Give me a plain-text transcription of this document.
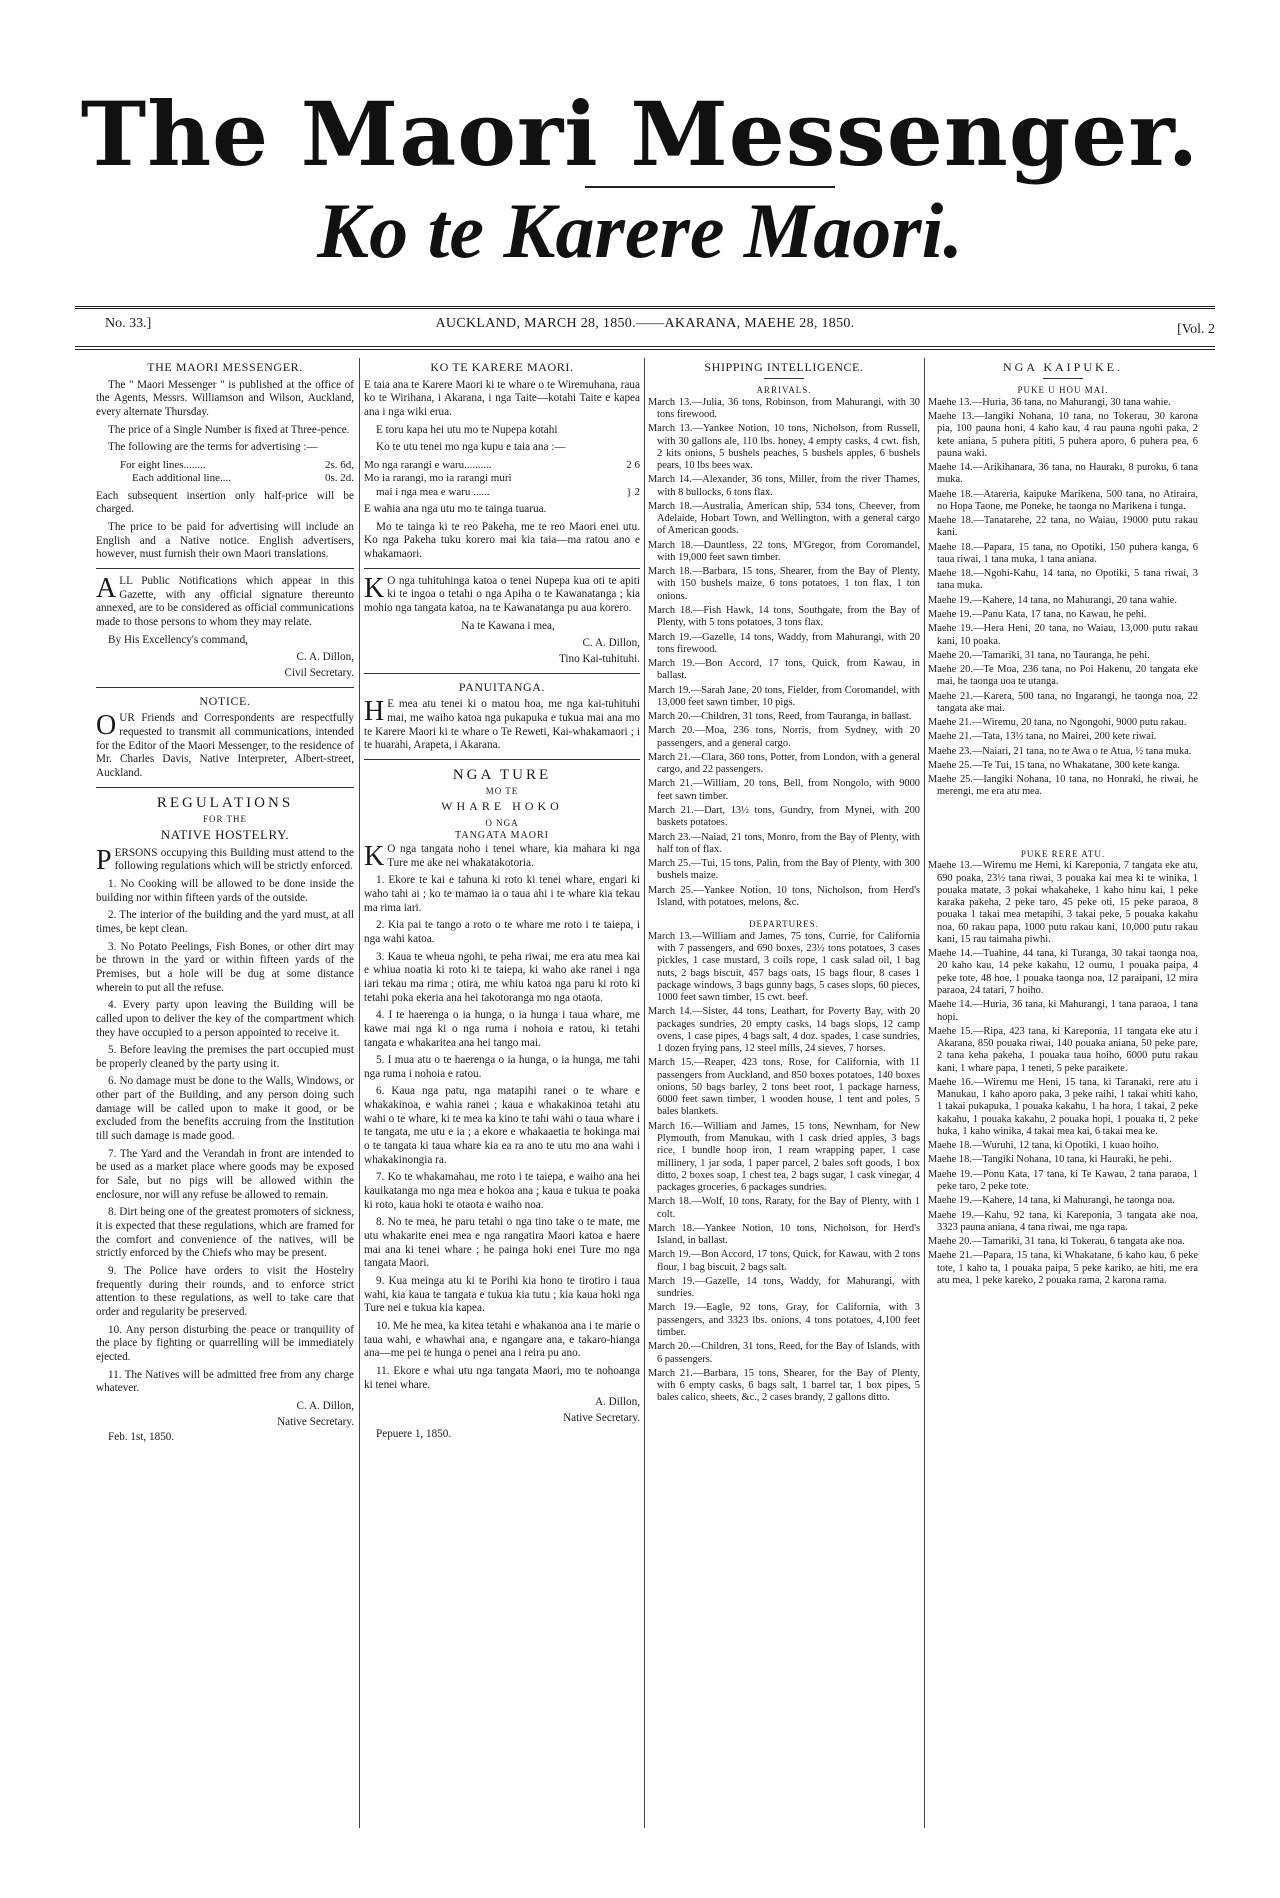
The Maori Messenger.
Ko te Karere Maori.
No. 33.]	AUCKLAND, MARCH 28, 1850.——AKARANA, MAEHE 28, 1850.	[Vol. 2
THE MAORI MESSENGER.

The " Maori Messenger " is published at the office of the Agents, Messrs. Williamson and Wilson, Auckland, every alternate Thursday.

The price of a Single Number is fixed at Three-pence.

The following are the terms for advertising :—

For eight lines........	2s. 6d,
Each additional line....	0s. 2d.

Each subsequent insertion only half-price will be charged.

The price to be paid for advertising will include an English and a Native notice. English advertisers, however, must furnish their own Maori translations.

ALL Public Notifications which appear in this Gazette, with any official signature thereunto annexed, are to be considered as official communications made to those persons to whom they may relate.

By His Excellency's command,

C. A. Dillon,
Civil Secretary.
NOTICE.

OUR Friends and Correspondents are respectfully requested to transmit all communications, intended for the Editor of the Maori Messenger, to the residence of Mr. Charles Davis, Native Interpreter, Albert-street, Auckland.

REGULATIONS
FOR THE
NATIVE HOSTELRY.

PERSONS occupying this Building must attend to the following regulations which will be strictly enforced.

1. No Cooking will be allowed to be done inside the building nor within fifteen yards of the outside.

2. The interior of the building and the yard must, at all times, be kept clean.

3. No Potato Peelings, Fish Bones, or other dirt may be thrown in the yard or within fifteen yards of the Premises, but a hole will be dug at some distance wherein to put all the refuse.

4. Every party upon leaving the Building will be called upon to deliver the key of the compartment which they have occupied to a person appointed to receive it.

5. Before leaving the premises the part occupied must be properly cleaned by the party using it.

6. No damage must be done to the Walls, Windows, or other part of the Building, and any person doing such damage will be called upon to make it good, or be excluded from the benefits accruing from the Institution till such damage is made good.

7. The Yard and the Verandah in front are intended to be used as a market place where goods may be exposed for Sale, but no pigs will be allowed within the enclosure, nor will any refuse be allowed to remain.

8. Dirt being one of the greatest promoters of sickness, it is expected that these regulations, which are framed for the comfort and convenience of the natives, will be strictly enforced by the Chiefs who may be present.

9. The Police have orders to visit the Hostelry frequently during their rounds, and to enforce strict attention to these regulations, as well to take care that order and regularity be preserved.

10. Any person disturbing the peace or tranquility of the place by fighting or quarrelling will be immediately ejected.

11. The Natives will be admitted free from any charge whatever.

C. A. Dillon,
Native Secretary.

Feb. 1st, 1850.

KO TE KARERE MAORI.

E taia ana te Karere Maori ki te whare o te Wiremuhana, raua ko te Wirihana, i Akarana, i nga Taite—kotahi Taite e kapea ana i nga wiki erua.

E toru kapa hei utu mo te Nupepa kotahi

Ko te utu tenei mo nga kupu e taia ana :—

Mo nga rarangi e waru..........	2 6
Mo ia rarangi, mo ia rarangi muri	
mai i nga mea e waru ......	} 2

E wahia ana nga utu mo te tainga tuarua.

Mo te tainga ki te reo Pakeha, me te reo Maori enei utu. Ko nga Pakeha tuku korero mai kia taia—ma ratou ano e whakamaori.

KO nga tuhituhinga katoa o tenei Nupepa kua oti te apiti ki te ingoa o tetahi o nga Apiha o te Kawanatanga ; kia mohio nga tangata katoa, na te Kawanatanga pu aua korero.

Na te Kawana i mea,

C. A. Dillon,
Tino Kai-tuhituhi.
PANUITANGA.

HE mea atu tenei ki o matou hoa, me nga kai-tuhituhi mai, me waiho katoa nga pukapuka e tukua mai ana mo te Karere Maori ki te whare o Te Reweti, Kai-whakamaori ; i te huarahi, Arapeta, i Akarana.

NGA TURE
MO TE
WHARE HOKO
O NGA
TANGATA MAORI

KO nga tangata noho i tenei whare, kia mahara ki nga Ture me ake nei whakatakotoria.

1. Ekore te kai e tahuna ki roto ki tenei whare, engari ki waho tahi ai ; ko te mamao ia o taua ahi i te whare kia tekau ma rima iari.

2. Kia pai te tango a roto o te whare me roto i te taiepa, i nga wahi katoa.

3. Kaua te wheua ngohi, te peha riwai, me era atu mea kai e whiua noatia ki roto ki te taiepa, ki waho ake ranei i nga iari tekau ma rima ; otira, me whiu katoa nga paru ki roto ki tetahi poka ekeria ana hei takotoranga mo nga otaota.

4. I te haerenga o ia hunga, o ia hunga i taua whare, me kawe mai nga ki o nga ruma i nohoia e ratou, ki tetahi tangata e whakaritea ana hei tango mai.

5. I mua atu o te haerenga o ia hunga, o ia hunga, me tahi nga ruma i nohoia e ratou.

6. Kaua nga patu, nga matapihi ranei o te whare e whakakinoa, e wahia ranei ; kaua e whakakinoa tetahi atu wahi o te whare, ki te mea ka kino te tahi wahi o taua whare i te tangata, me utu e ia ; a ekore e whakaaetia te hokinga mai o te tangata ki taua whare kia ea ra ano te utu mo ana wahi i whakakinongia ra.

7. Ko te whakamahau, me roto i te taiepa, e waiho ana hei kauikatanga mo nga mea e hokoa ana ; kaua e tukua te poaka ki roto, kaua hoki te otaota e waiho noa.

8. No te mea, he paru tetahi o nga tino take o te mate, me utu whakarite enei mea e nga rangatira Maori katoa e haere mai ana ki tenei whare ; he painga hoki enei Ture mo nga tangata Maori.

9. Kua meinga atu ki te Porihi kia hono te tirotiro i taua wahi, kia kaua te tangata e tukua kia tutu ; kia kaua hoki nga Ture nei e tukua kia kapea.

10. Me he mea, ka kitea tetahi e whakanoa ana i te marie o taua wahi, e whawhai ana, e ngangare ana, e takaro-hianga ana—me pei te hunga o penei ana i reira pu ano.

11. Ekore e whai utu nga tangata Maori, mo te nohoanga ki tenei whare.

A. Dillon,
Native Secretary.

Pepuere 1, 1850.

SHIPPING INTELLIGENCE.
ARRIVALS.
March 13.—Julia, 36 tons, Robinson, from Mahurangi, with 30 tons firewood.
March 13.—Yankee Notion, 10 tons, Nicholson, from Russell, with 30 gallons ale, 110 lbs. honey, 4 empty casks, 4 cwt. fish, 2 kits onions, 5 bushels peaches, 5 bushels apples, 6 bushels pears, 10 lbs bees wax.
March 14.—Alexander, 36 tons, Miller, from the river Thames, with 8 bullocks, 6 tons flax.
March 18.—Australia, American ship, 534 tons, Cheever, from Adelaide, Hobart Town, and Wellington, with a general cargo of American goods.
March 18.—Dauntless, 22 tons, M'Gregor, from Coromandel, with 19,000 feet sawn timber.
March 18.—Barbara, 15 tons, Shearer, from the Bay of Plenty, with 150 bushels maize, 6 tons potatoes, 1 ton flax, 1 ton onions.
March 18.—Fish Hawk, 14 tons, Southgate, from the Bay of Plenty, with 5 tons potatoes, 3 tons flax.
March 19.—Gazelle, 14 tons, Waddy, from Mahurangi, with 20 tons firewood.
March 19.—Bon Accord, 17 tons, Quick, from Kawau, in ballast.
March 19.—Sarah Jane, 20 tons, Fielder, from Coromandel, with 13,000 feet sawn timber, 10 pigs.
March 20.—Children, 31 tons, Reed, from Tauranga, in ballast.
March 20.—Moa, 236 tons, Norris, from Sydney, with 20 passengers, and a general cargo.
March 21.—Clara, 360 tons, Potter, from London, with a general cargo, and 22 passengers.
March 21.—William, 20 tons, Bell, from Nongolo, with 9000 feet sawn timber.
March 21.—Dart, 13½ tons, Gundry, from Mynei, with 200 baskets potatoes.
March 23.—Naiad, 21 tons, Monro, from the Bay of Plenty, with half ton of flax.
March 25.—Tui, 15 tons, Palin, from the Bay of Plenty, with 300 bushels maize.
March 25.—Yankee Notion, 10 tons, Nicholson, from Herd's Island, with potatoes, melons, &c.
DEPARTURES.
March 13.—William and James, 75 tons, Currie, for California with 7 passengers, and 690 boxes, 23½ tons potatoes, 3 cases pickles, 1 case mustard, 3 coils rope, 1 cask salad oil, 1 bag nuts, 2 bags biscuit, 457 bags oats, 15 bags flour, 8 cases 1 package windows, 3 bags gunny bags, 5 cases slops, 60 pieces, 1000 feet sawn timber, 15 cwt. beef.
March 14.—Sister, 44 tons, Leathart, for Poverty Bay, with 20 packages sundries, 20 empty casks, 14 bags slops, 12 camp ovens, 1 case pipes, 4 bags salt, 4 doz. spades, 1 case sundries, 1 dozen frying pans, 12 steel mills, 24 sieves, 7 horses.
March 15.—Reaper, 423 tons, Rose, for California, with 11 passengers from Auckland, and 850 boxes potatoes, 140 boxes onions, 50 bags barley, 2 tons beet root, 1 package harness, 6000 feet sawn timber, 1 wooden house, 1 tent and poles, 5 bales blankets.
March 16.—William and James, 15 tons, Newnham, for New Plymouth, from Manukau, with 1 cask dried apples, 3 bags rice, 1 bundle hoop iron, 1 ream wrapping paper, 1 case millinery, 1 jar soda, 1 paper parcel, 2 bales soft goods, 1 box ditto, 2 boxes soap, 1 chest tea, 2 bags sugar, 1 cask vinegar, 4 packages groceries, 6 packages sundries.
March 18.—Wolf, 10 tons, Raraty, for the Bay of Plenty, with 1 colt.
March 18.—Yankee Notion, 10 tons, Nicholson, for Herd's Island, in ballast.
March 19.—Bon Accord, 17 tons, Quick, for Kawau, with 2 tons flour, 1 bag biscuit, 2 bags salt.
March 19.—Gazelle, 14 tons, Waddy, for Mahurangi, with sundries.
March 19.—Eagle, 92 tons, Gray, for California, with 3 passengers, and 3323 lbs. onions, 4 tons potatoes, 4,100 feet timber.
March 20.—Children, 31 tons, Reed, for the Bay of Islands, with 6 passengers.
March 21.—Barbara, 15 tons, Shearer, for the Bay of Plenty, with 6 empty casks, 6 bags salt, 1 barrel tar, 1 box pipes, 5 bales calico, sheets, &c., 2 cases brandy, 2 gallons ditto.
NGA KAIPUKE.
PUKE U HOU MAI.
Maehe 13.—Huria, 36 tana, no Mahurangi, 30 tana wahie.
Maehe 13.—Iangiki Nohana, 10 tana, no Tokerau, 30 karona pia, 100 pauna honi, 4 kaho kau, 4 rau pauna ngohi paka, 2 kete aniana, 5 puhera pititi, 5 puhera aporo, 6 puhera pea, 6 pauna waki.
Maehe 14.—Arikihanara, 36 tana, no Haurakı, 8 puroku, 6 tana muka.
Maehe 18.—Atareria, kaipuke Marikena, 500 tana, no Atiraira, no Hopa Taone, me Poneke, he taonga no Marikena i tunga.
Maehe 18.—Tanatarehe, 22 tana, no Waiau, 19000 putu rakau kani.
Maehe 18.—Papara, 15 tana, no Opotiki, 150 puhera kanga, 6 taua riwai, 1 tana muka, 1 tana aniana.
Maehe 18.—Ngohi-Kahu, 14 tana, no Opotiki, 5 tana riwai, 3 tana muka.
Maehe 19.—Kahere, 14 tana, no Mahurangi, 20 tana wahie.
Maehe 19.—Panu Kata, 17 tana, no Kawau, he pehi.
Maehe 19.—Hera Heni, 20 tana, no Waiau, 13,000 putu rakau kani, 10 poaka.
Maehe 20.—Tamariki, 31 tana, no Tauranga, he pehi.
Maehe 20.—Te Moa, 236 tana, no Poi Hakenu, 20 tangata eke mai, he taonga uoa te utanga.
Maehe 21.—Karera, 500 tana, no Ingarangi, he taonga noa, 22 tangata ake mai.
Maehe 21.—Wiremu, 20 tana, no Ngongohi, 9000 putu rakau.
Maehe 21.—Tata, 13½ tana, no Mairei, 200 kete riwai.
Maehe 23.—Naiari, 21 tana, no te Awa o te Atua, ½ tana muka.
Maehe 25.—Te Tui, 15 tana, no Whakatane, 300 kete kanga.
Maehe 25.—Iangiki Nohana, 10 tana, no Honraki, he riwai, he merengi, me era atu mea.
PUKE RERE ATU.
Maehe 13.—Wiremu me Hemi, ki Kareponia, 7 tangata eke atu, 690 poaka, 23½ tana riwai, 3 pouaka kai mea ki te winika, 1 pouaka matate, 3 pokai whakaheke, 1 kaho hinu kai, 1 peke karaka pakeha, 2 peke taro, 45 peke oti, 15 peke paraoa, 8 pouaka 1 takai mea metapihi, 3 takai peke, 5 pouaka kakahu noa, 60 rakau papa, 1000 putu rakau kani, 10,000 putu rakau kani, 15 rau taimaha piwhi.
Maehe 14.—Tuahine, 44 tana, ki Turanga, 30 takai taonga noa, 20 kaho kau, 14 peke kakahu, 12 oumu, 1 pouaka paipa, 4 peke tote, 48 hoe, 1 pouaka taonga noa, 12 paraipani, 12 mira paraoa, 24 tatari, 7 hoiho.
Maehe 14.—Huria, 36 tana, ki Mahurangi, 1 tana paraoa, 1 tana hopi.
Maehe 15.—Ripa, 423 tana, ki Kareponia, 11 tangata eke atu i Akarana, 850 pouaka riwai, 140 pouaka aniana, 50 peke pare, 2 tana keha pakeha, 1 pouaka taua hoiho, 6000 putu rakau kani, 1 whare papa, 1 teneti, 5 peke paraikete.
Maehe 16.—Wiremu me Heni, 15 tana, ki Taranaki, rere atu i Manukau, 1 kaho aporo paka, 3 peke raihi, 1 takai whiti kaho, 1 takai pukapuka, 1 pouaka kakahu, 1 ha hora, 1 takai, 2 peke kakahu, 1 pouaka kakahu, 2 pouaka hopi, 1 pouaka ti, 2 peke huka, 1 kaho winika, 4 takai mea kai, 6 takai mea ke.
Maehe 18.—Wuruhi, 12 tana, ki Opotiki, 1 kuao hoiho.
Maehe 18.—Tangiki Nohana, 10 tana, ki Hauraki, he pehi.
Maehe 19.—Ponu Kata, 17 tana, ki Te Kawau, 2 tana paraoa, 1 peke taro, 2 peke tote.
Maehe 19.—Kahere, 14 tana, ki Mahurangi, he taonga noa.
Maehe 19.—Kahu, 92 tana, ki Kareponia, 3 tangata ake noa, 3323 pauna aniana, 4 tana riwai, me nga rapa.
Maehe 20.—Tamariki, 31 tana, ki Tokerau, 6 tangata ake noa.
Maehe 21.—Papara, 15 tana, ki Whakatane, 6 kaho kau, 6 peke tote, 1 kaho ta, 1 pouaka paipa, 5 peke kariko, ae hiti, me era atu mea, 1 peke kareko, 2 pouaka rama, 2 karona rama.
